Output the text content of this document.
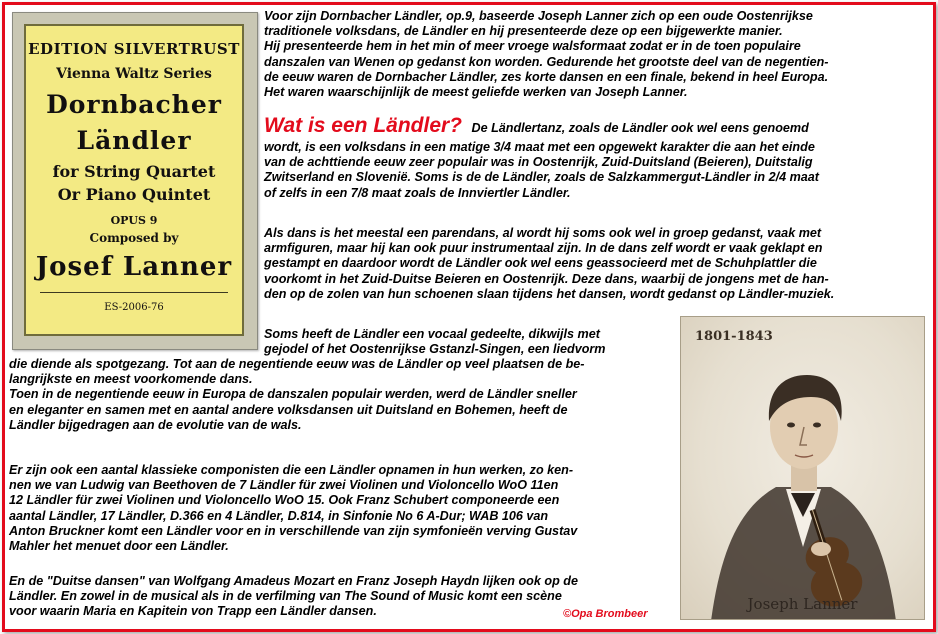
EDITION SILVERTRUST
Vienna Waltz Series
Dornbacher
Ländler
for String Quartet
Or Piano Quintet
OPUS 9
Composed by
Josef Lanner
ES-2006-76
Voor zijn Dornbacher Ländler, op.9, baseerde Joseph Lanner zich op een oude Oostenrijkse
traditionele volksdans, de Ländler en hij presenteerde deze op een bijgewerkte manier.
Hij presenteerde hem in het min of meer vroege walsformaat zodat er in de toen populaire
danszalen van Wenen op gedanst kon worden. Gedurende het grootste deel van de negentien-
de eeuw waren de Dornbacher Ländler, zes korte dansen en een finale, bekend in heel Europa.
Het waren waarschijnlijk de meest geliefde werken van Joseph Lanner.
Wat is een Ländler? De Ländlertanz, zoals de Ländler ook wel eens genoemd
wordt, is een volksdans in een matige 3/4 maat met een opgewekt karakter die aan het einde
van de achttiende eeuw zeer populair was in Oostenrijk, Zuid-Duitsland (Beieren), Duitstalig
Zwitserland en Slovenië. Soms is de de Ländler, zoals de Salzkammergut-Ländler in 2/4 maat
of zelfs in een 7/8 maat zoals de Innviertler Ländler.
Als dans is het meestal een parendans, al wordt hij soms ook wel in groep gedanst, vaak met
armfiguren, maar hij kan ook puur instrumentaal zijn. In de dans zelf wordt er vaak geklapt en
gestampt en daardoor wordt de Ländler ook wel eens geassocieerd met de Schuhplattler die
voorkomt in het Zuid-Duitse Beieren en Oostenrijk. Deze dans, waarbij de jongens met de han-
den op de zolen van hun schoenen slaan tijdens het dansen, wordt gedanst op Ländler-muziek.
Soms heeft de Ländler een vocaal gedeelte, dikwijls met
gejodel of het Oostenrijkse Gstanzl-Singen, een liedvorm
die diende als spotgezang. Tot aan de negentiende eeuw was de Ländler op veel plaatsen de be-
langrijkste en meest voorkomende dans.
Toen in de negentiende eeuw in Europa de danszalen populair werden, werd de Ländler sneller
en eleganter en samen met en aantal andere volksdansen uit Duitsland en Bohemen, heeft de
Ländler bijgedragen aan de evolutie van de wals.
Er zijn ook een aantal klassieke componisten die een Ländler opnamen in hun werken, zo ken-
nen we van Ludwig van Beethoven de 7 Ländler für zwei Violinen und Violoncello WoO 11en
12 Ländler für zwei Violinen und Violoncello WoO 15. Ook Franz Schubert componeerde een
aantal Ländler, 17 Ländler, D.366 en 4 Ländler, D.814, in Sinfonie No 6 A-Dur; WAB 106 van
Anton Bruckner komt een Ländler voor en in verschillende van zijn symfonieën verving Gustav
Mahler het menuet door een Ländler.
En de "Duitse dansen" van Wolfgang Amadeus Mozart en Franz Joseph Haydn lijken ook op de
Ländler. En zowel in de musical als in de verfilming van The Sound of Music komt een scène
voor waarin Maria en Kapitein von Trapp een Ländler dansen.	©Opa Brombeer
1801-1843
Joseph Lanner
